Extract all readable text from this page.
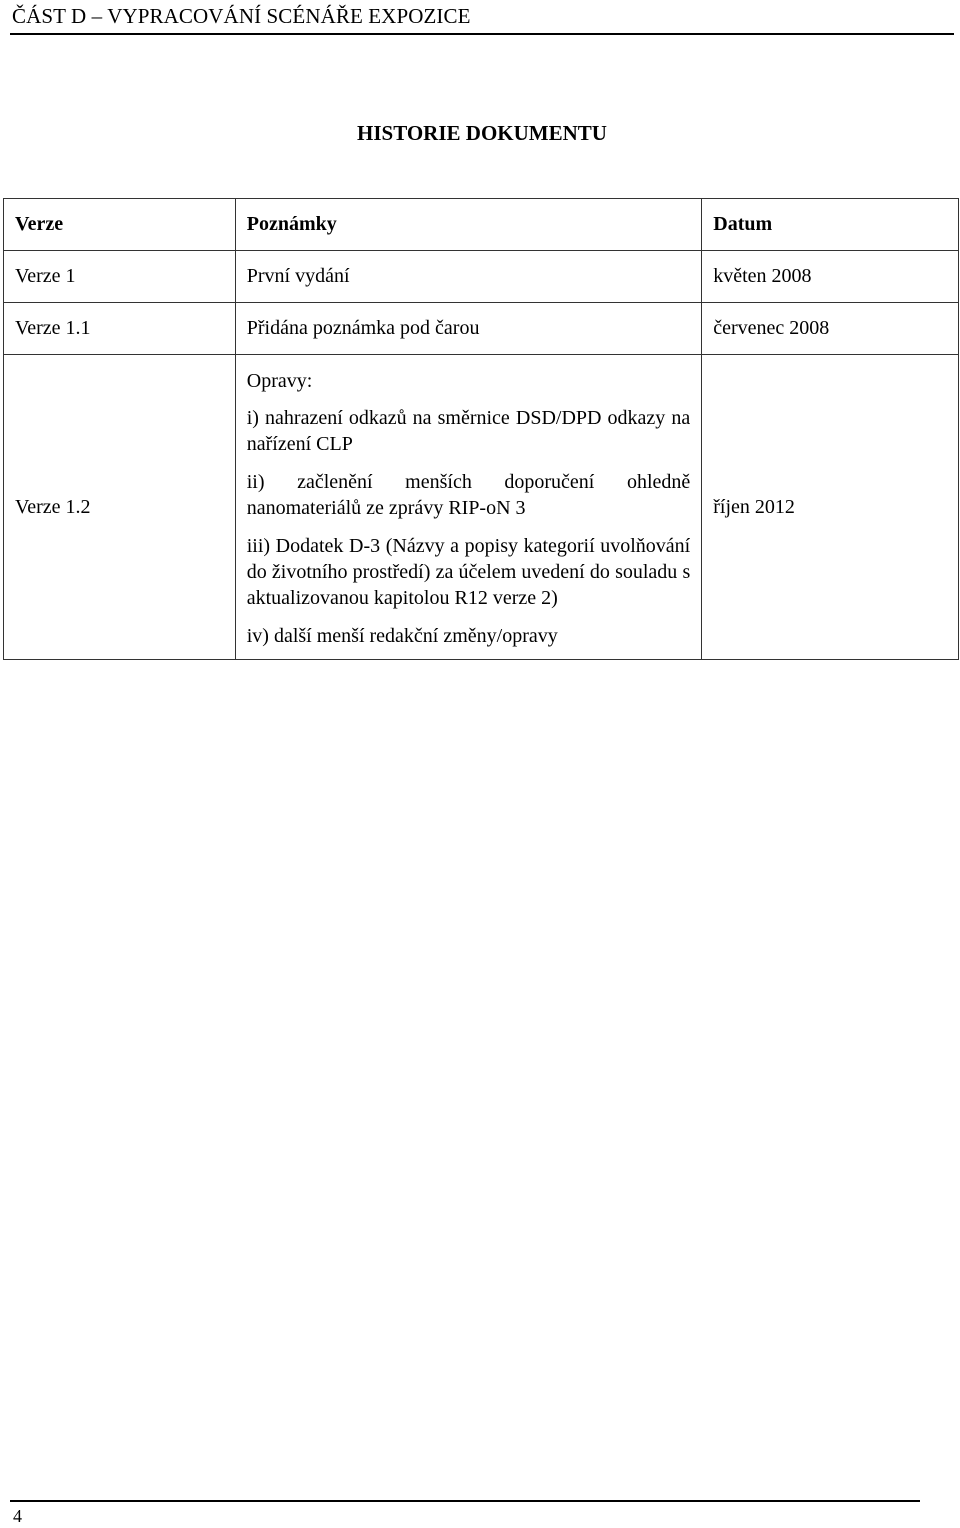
ČÁST D – VYPRACOVÁNÍ SCÉNÁŘE EXPOZICE
HISTORIE DOKUMENTU
Verze	Poznámky	Datum
Verze 1	První vydání	květen 2008
Verze 1.1	Přidána poznámka pod čarou	červenec 2008
Verze 1.2	Opravy:

i) nahrazení odkazů na směrnice DSD/DPD odkazy na nařízení CLP

ii) začlenění menších doporučení ohledně nanomateriálů ze zprávy RIP-oN 3

iii) Dodatek D-3 (Názvy a popisy kategorií uvolňování do životního prostředí) za účelem uvedení do souladu s aktualizovanou kapitolou R12 verze 2)

iv) další menší redakční změny/opravy	říjen 2012
4
